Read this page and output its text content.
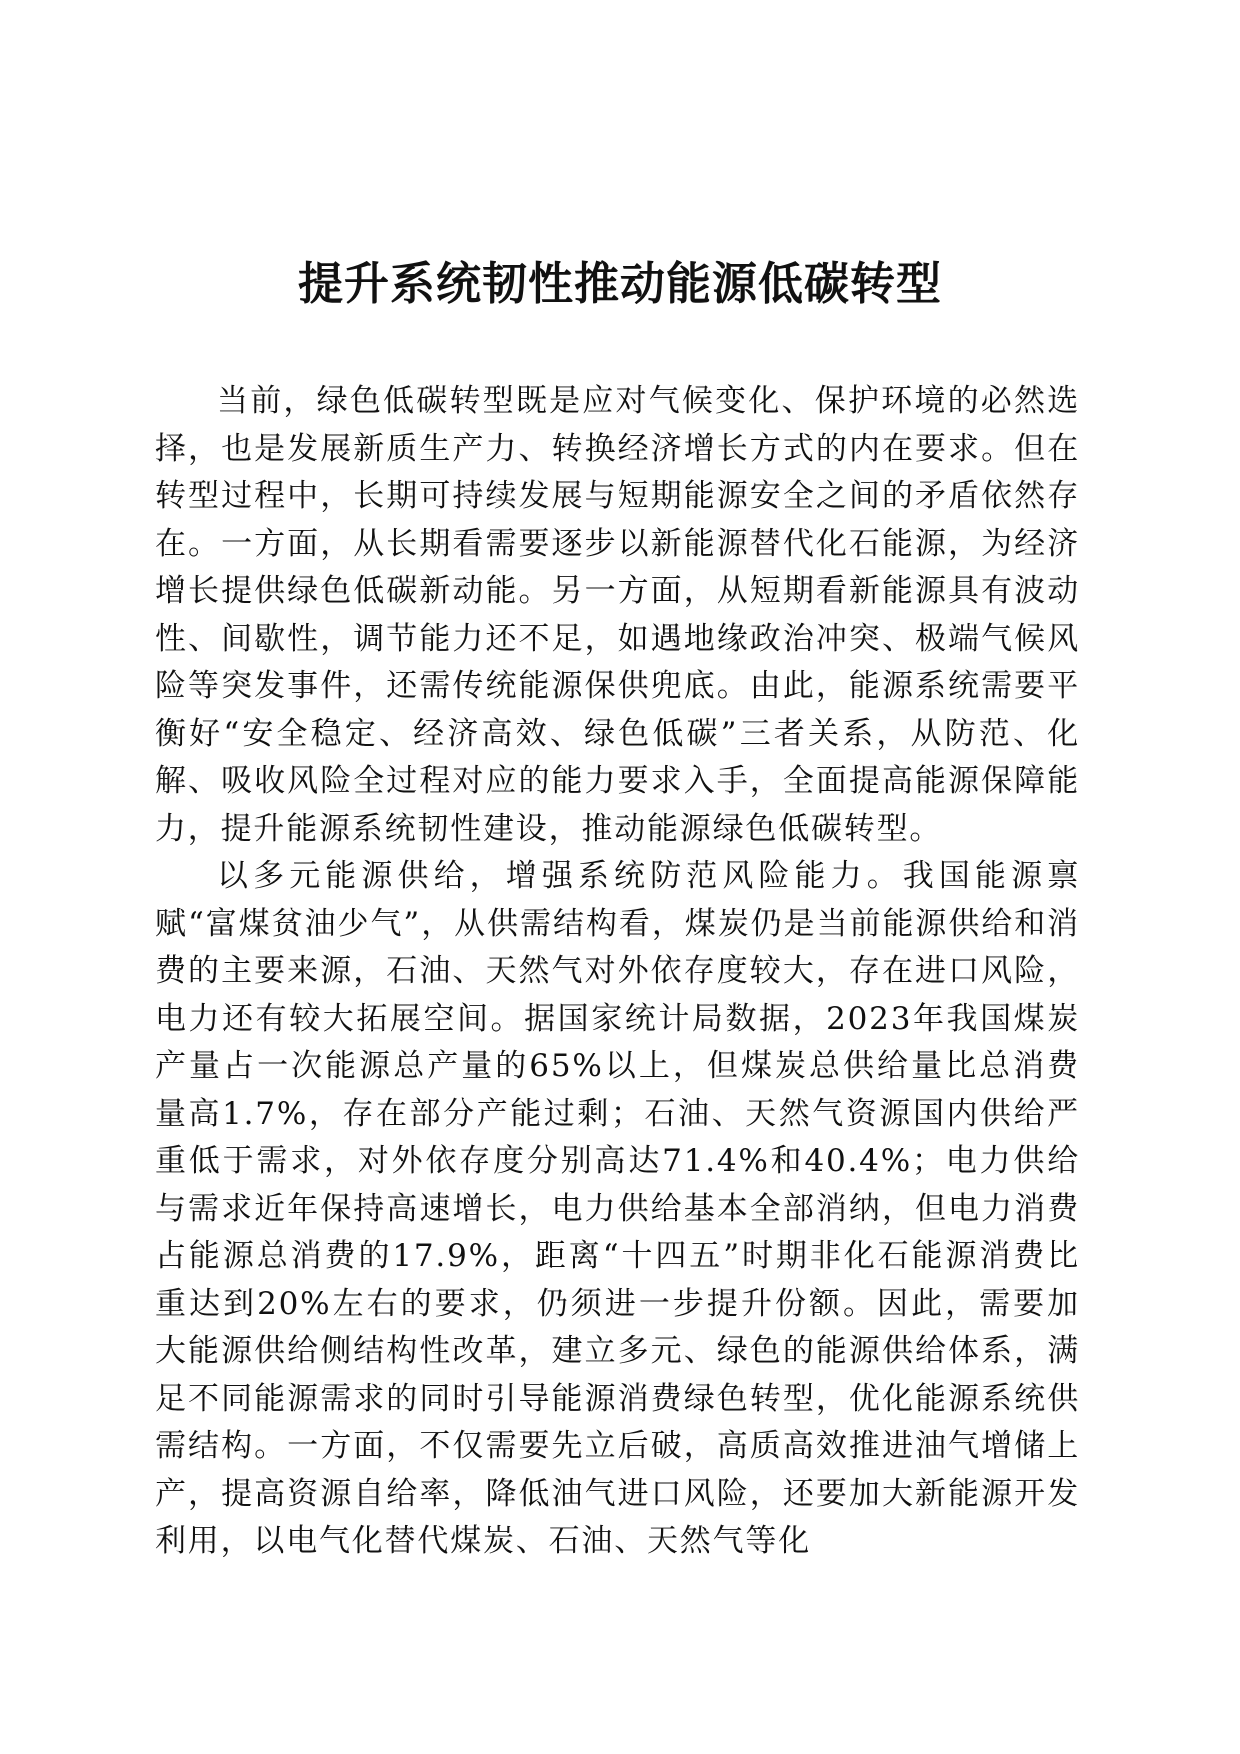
提升系统韧性推动能源低碳转型

当前，绿色低碳转型既是应对气候变化、保护环境的必然选择，也是发展新质生产力、转换经济增长方式的内在要求。但在转型过程中，长期可持续发展与短期能源安全之间的矛盾依然存在。一方面，从长期看需要逐步以新能源替代化石能源，为经济增长提供绿色低碳新动能。另一方面，从短期看新能源具有波动性、间歇性，调节能力还不足，如遇地缘政治冲突、极端气候风险等突发事件，还需传统能源保供兜底。由此，能源系统需要平衡好“安全稳定、经济高效、绿色低碳”三者关系，从防范、化解、吸收风险全过程对应的能力要求入手，全面提高能源保障能力，提升能源系统韧性建设，推动能源绿色低碳转型。

以多元能源供给，增强系统防范风险能力。我国能源禀赋“富煤贫油少气”，从供需结构看，煤炭仍是当前能源供给和消费的主要来源，石油、天然气对外依存度较大，存在进口风险，电力还有较大拓展空间。据国家统计局数据，2023年我国煤炭产量占一次能源总产量的65%以上，但煤炭总供给量比总消费量高1.7%，存在部分产能过剩；石油、天然气资源国内供给严重低于需求，对外依存度分别高达71.4%和40.4%；电力供给与需求近年保持高速增长，电力供给基本全部消纳，但电力消费占能源总消费的17.9%，距离“十四五”时期非化石能源消费比重达到20%左右的要求，仍须进一步提升份额。因此，需要加大能源供给侧结构性改革，建立多元、绿色的能源供给体系，满足不同能源需求的同时引导能源消费绿色转型，优化能源系统供需结构。一方面，不仅需要先立后破，高质高效推进油气增储上产，提高资源自给率，降低油气进口风险，还要加大新能源开发利用，以电气化替代煤炭、石油、天然气等化
